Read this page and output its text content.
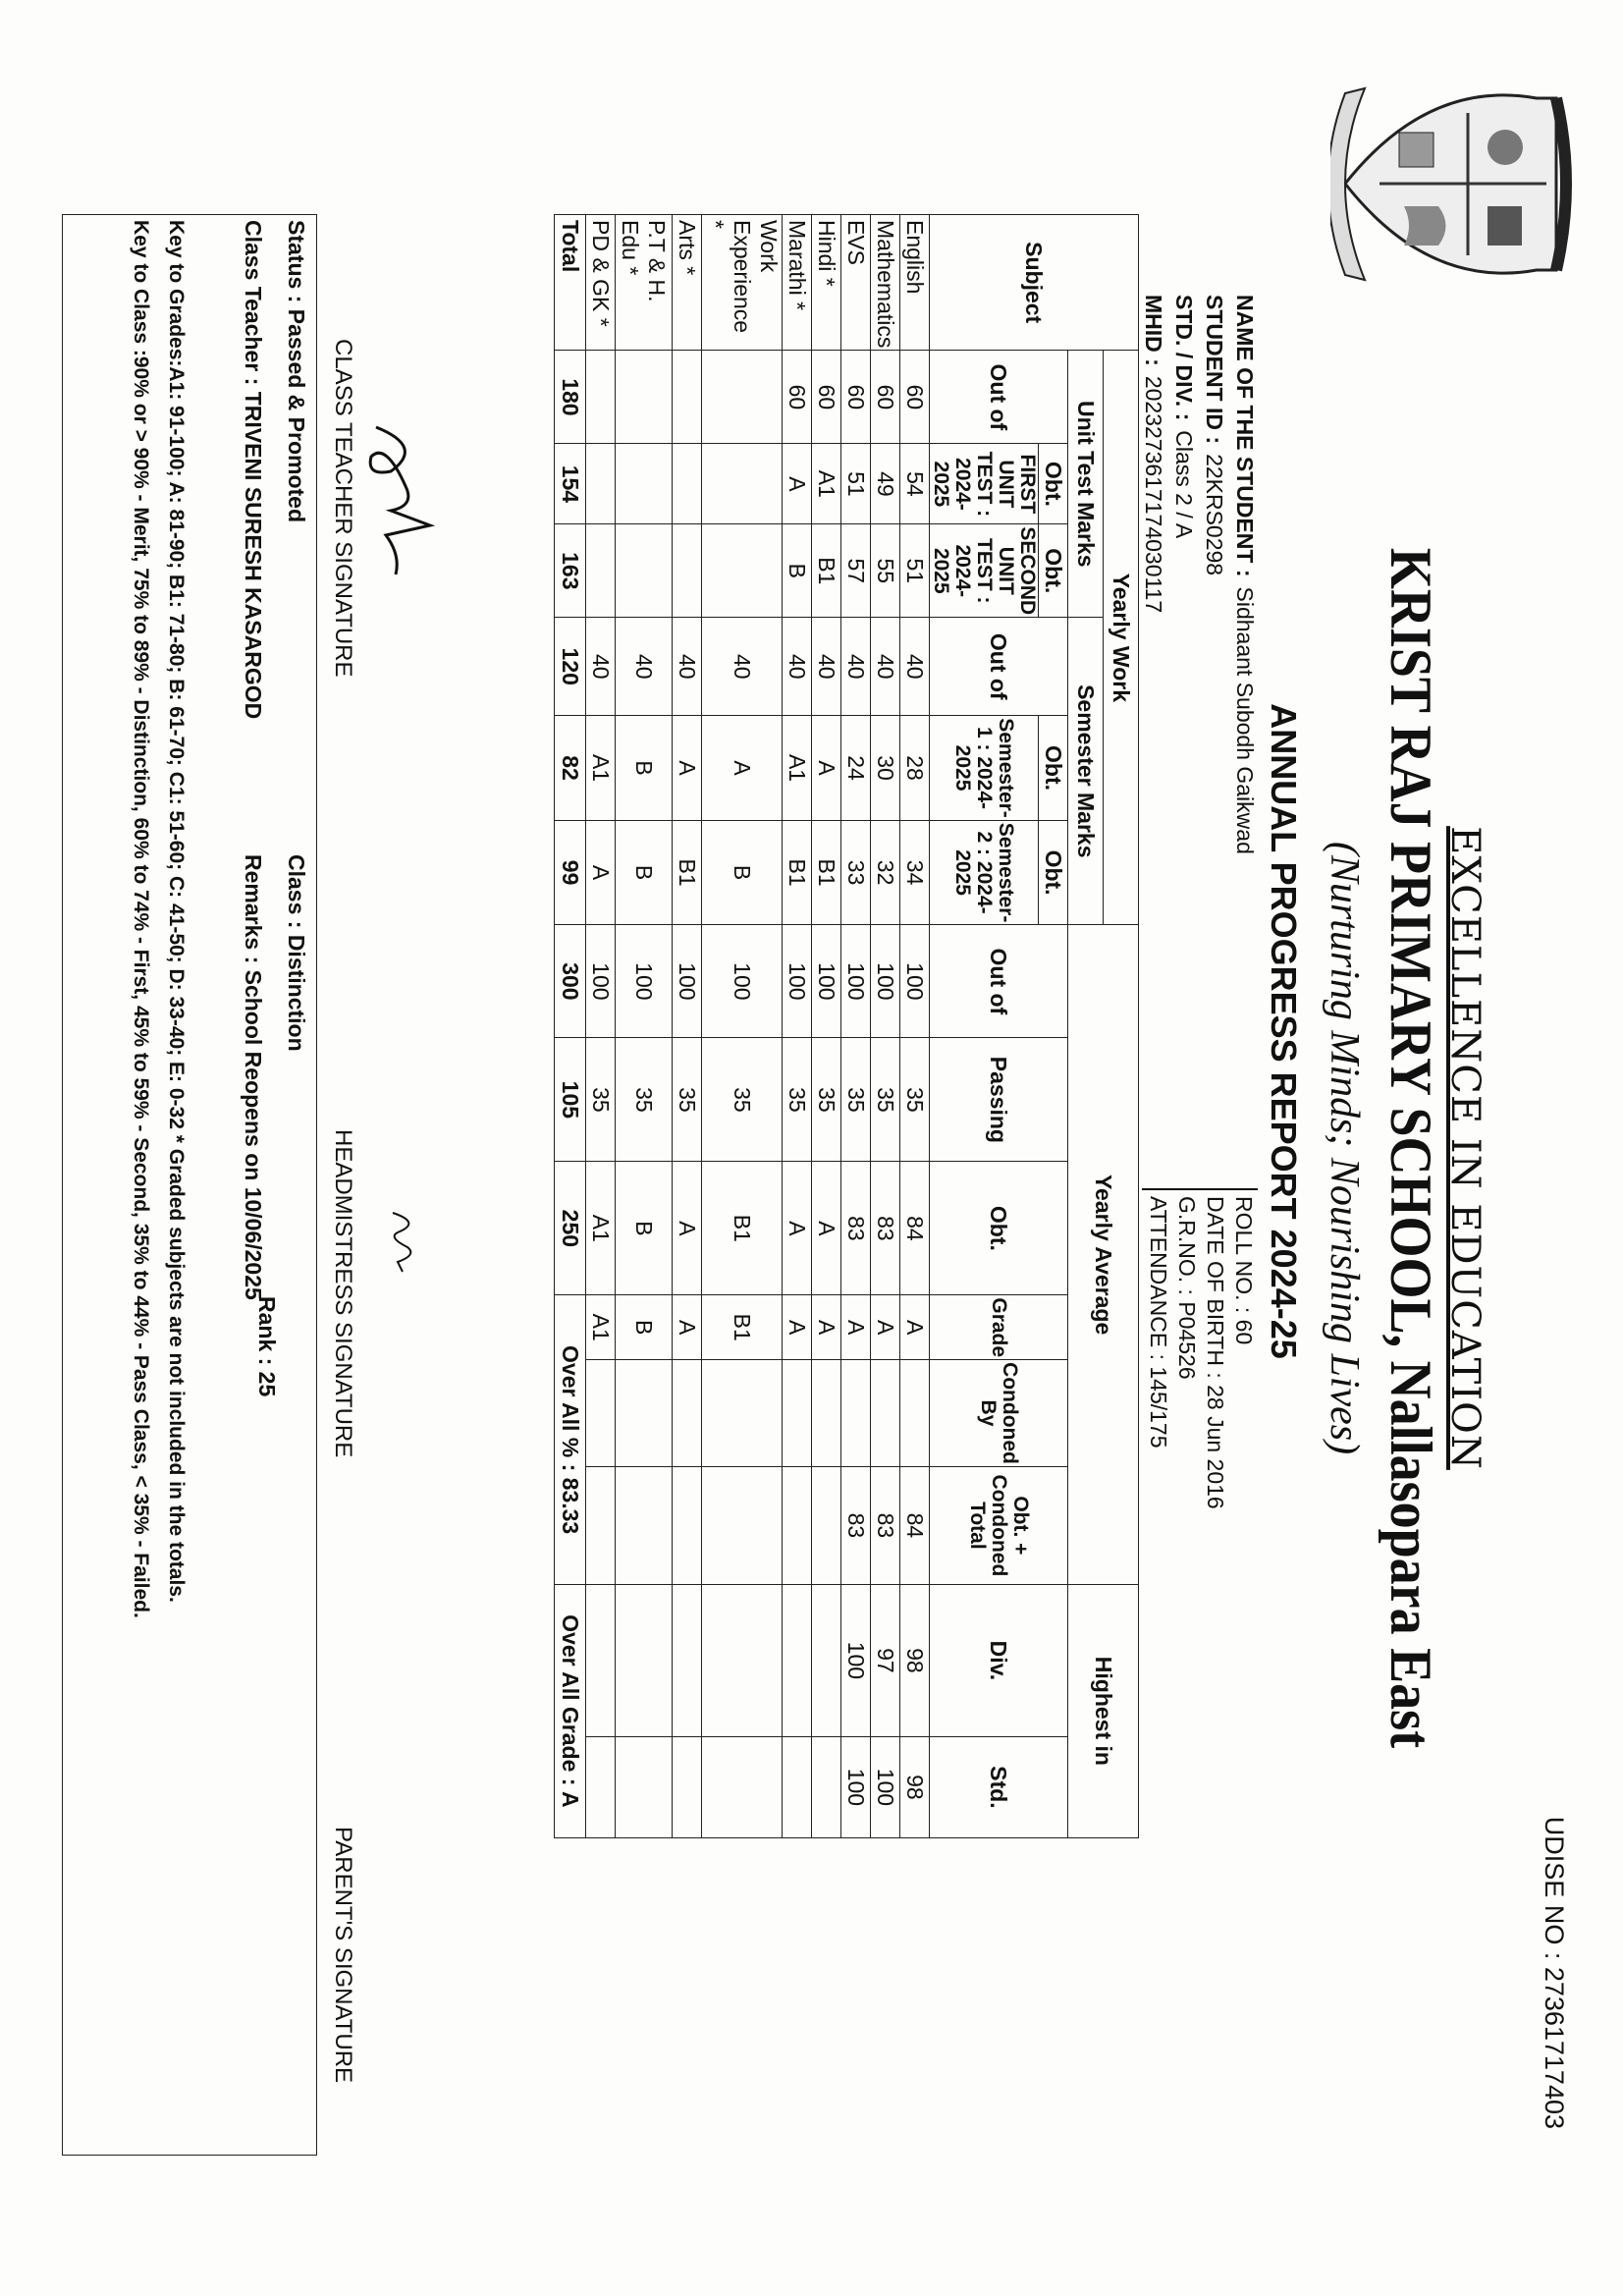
UDISE NO : 27361717403
EXCELLENCE IN EDUCATION
KRIST RAJ PRIMARY SCHOOL, Nallasopara East
(Nurturing Minds; Nourishing Lives)
ANNUAL PROGRESS REPORT 2024-25
NAME OF THE STUDENT :
Sidhaant Subodh Gaikwad
STUDENT ID :
22KRS0298
STD. / DIV. :
Class 2 / A
MHID :
2023273617174030117
ROLL NO. : 60
DATE OF BIRTH : 28 Jun 2016
G.R.NO. : P04526
ATTENDANCE : 145/175
Subject	Yearly Work						Yearly Average						Highest in	
	Unit Test Marks			Semester Marks										
	Out of	Obt.	Obt.	Out of	Obt.	Obt.	Out of	Passing	Obt.	Grade	Condoned By	Obt. + Condoned Total	Div.	Std.
		FIRST UNIT TEST : 2024-2025	SECOND UNIT TEST : 2024-2025		Semester-1 : 2024-2025	Semester-2 : 2024-2025								
English	60	54	51	40	28	34	100	35	84	A		84	98	98
Mathematics	60	49	55	40	30	32	100	35	83	A		83	97	100
EVS	60	51	57	40	24	33	100	35	83	A		83	100	100
Hindi *	60	A1	B1	40	A	B1	100	35	A	A				
Marathi *	60	A	B	40	A1	B1	100	35	A	A				
Work Experience *				40	A	B	100	35	B1	B1				
Arts *				40	A	B1	100	35	A	A				
P.T & H. Edu *				40	B	B	100	35	B	B				
PD & GK *				40	A1	A	100	35	A1	A1				
Total	180	154	163	120	82	99	300	105	250	Over All % : 83.33			Over All Grade : A	
CLASS TEACHER SIGNATURE
HEADMISTRESS SIGNATURE
PARENT'S SIGNATURE
Status : Passed & Promoted
Class : Distinction
Rank : 25
Class Teacher : TRIVENI SURESH KASARGOD
Remarks : School Reopens on 10/06/2025
Key to Grades:A1: 91-100; A: 81-90; B1: 71-80; B: 61-70; C1: 51-60; C: 41-50; D: 33-40; E: 0-32 * Graded subjects are not included in the totals.
Key to Class :90% or > 90% - Merit, 75% to 89% - Distinction, 60% to 74% - First, 45% to 59% - Second, 35% to 44% - Pass Class, < 35% - Failed.
